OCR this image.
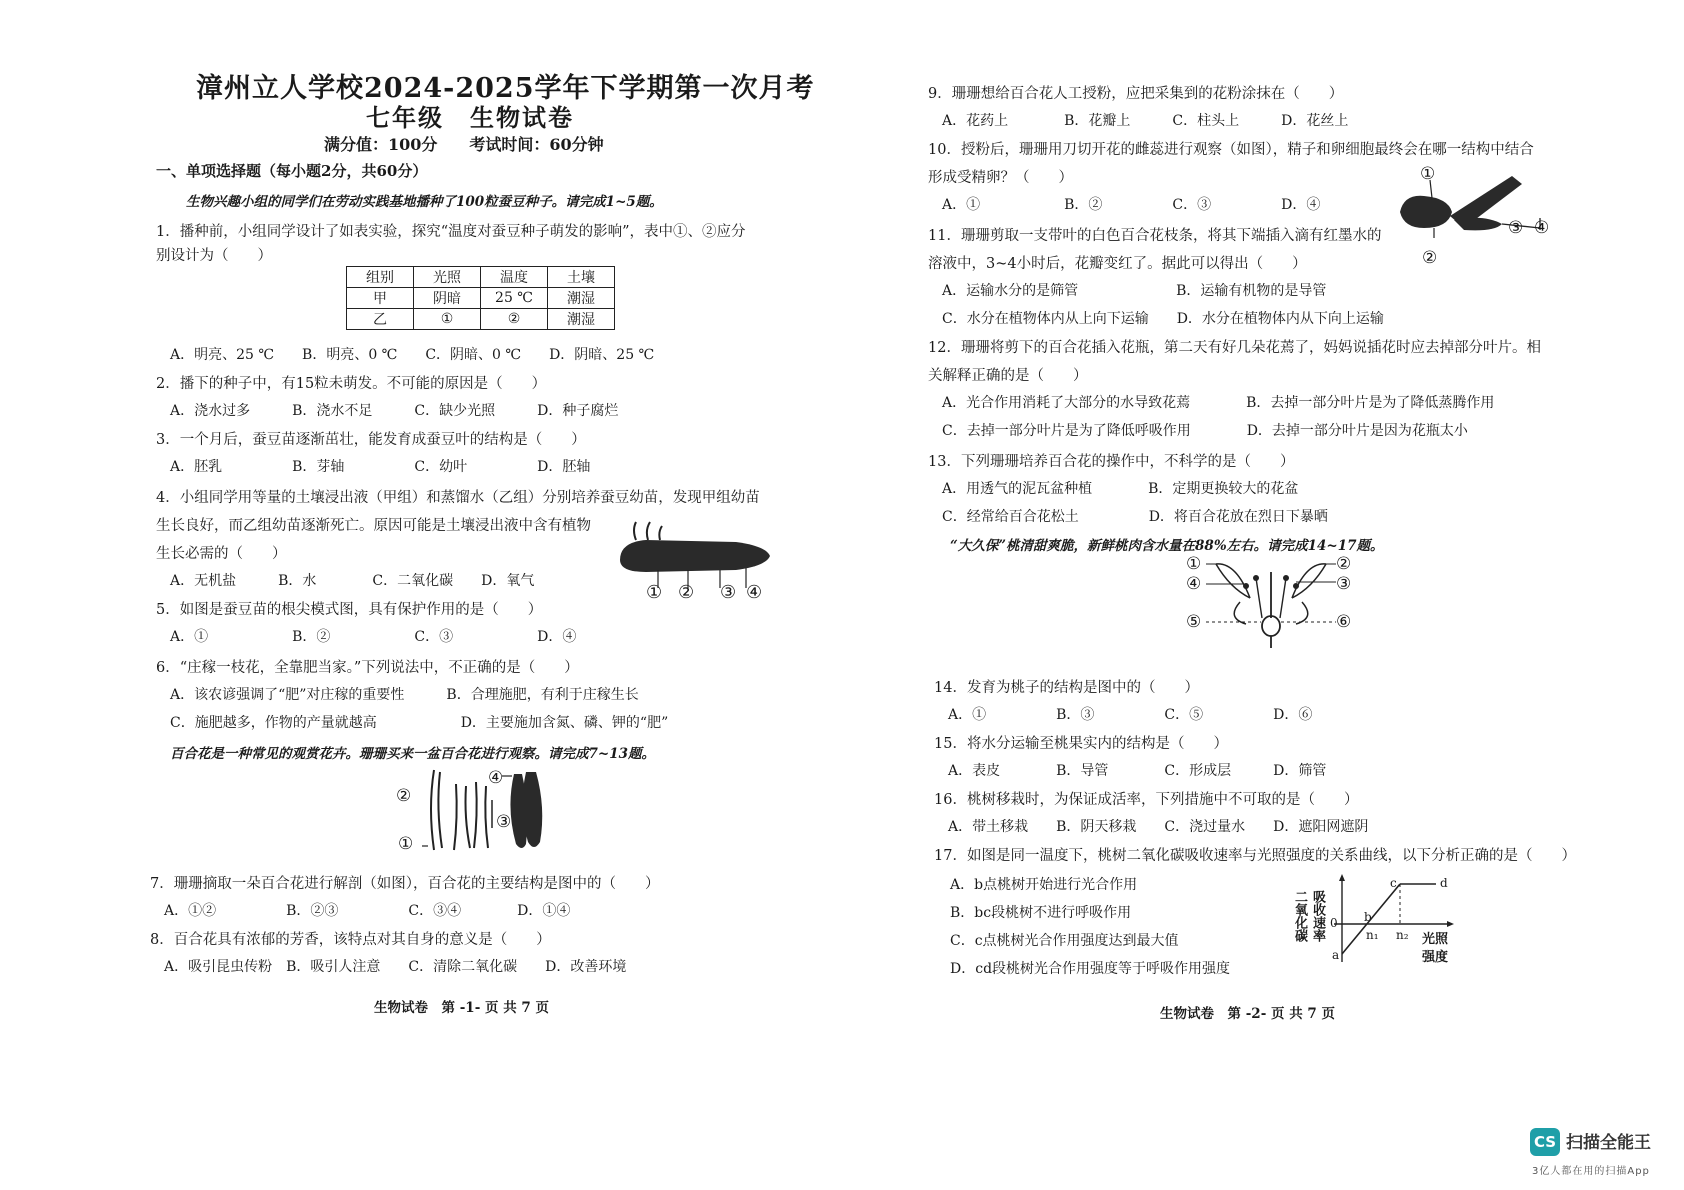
漳州立人学校2024-2025学年下学期第一次月考
七年级　生物试卷
满分值：100分　　考试时间：60分钟
一、单项选择题（每小题2分，共60分）
生物兴趣小组的同学们在劳动实践基地播种了100粒蚕豆种子。请完成1~5题。
1．播种前，小组同学设计了如表实验，探究“温度对蚕豆种子萌发的影响”，表中①、②应分
别设计为（　　）
组别	光照	温度	土壤
甲	阴暗	25 ℃	潮湿
乙	①	②	潮湿
A．明亮、25 ℃　　B．明亮、0 ℃　　C．阴暗、0 ℃　　D．阴暗、25 ℃
2．播下的种子中，有15粒未萌发。不可能的原因是（　　）
A．浇水过多　　　B．浇水不足　　　C．缺少光照　　　D．种子腐烂
3．一个月后，蚕豆苗逐渐茁壮，能发育成蚕豆叶的结构是（　　）
A．胚乳　　　　　B．芽轴　　　　　C．幼叶　　　　　D．胚轴
4．小组同学用等量的土壤浸出液（甲组）和蒸馏水（乙组）分别培养蚕豆幼苗，发现甲组幼苗
生长良好，而乙组幼苗逐渐死亡。原因可能是土壤浸出液中含有植物
生长必需的（　　）
A．无机盐　　　B．水　　　　C．二氧化碳　　D．氧气
① ② ③ ④
5．如图是蚕豆苗的根尖模式图，具有保护作用的是（　　）
A．①　　　　　　B．②　　　　　　C．③　　　　　　D．④
6．“庄稼一枝花，全靠肥当家。”下列说法中，不正确的是（　　）
A．该农谚强调了“肥”对庄稼的重要性　　　B．合理施肥，有利于庄稼生长
C．施肥越多，作物的产量就越高　　　　　　D．主要施加含氮、磷、钾的“肥”
百合花是一种常见的观赏花卉。珊珊买来一盆百合花进行观察。请完成7~13题。
④
②
③
①
7．珊珊摘取一朵百合花进行解剖（如图），百合花的主要结构是图中的（　　）
A．①②　　　　　B．②③　　　　　C．③④　　　　D．①④
8．百合花具有浓郁的芳香，该特点对其自身的意义是（　　）
A．吸引昆虫传粉　B．吸引人注意　　C．清除二氧化碳　　D．改善环境
生物试卷　第 -1- 页 共 7 页
9．珊珊想给百合花人工授粉，应把采集到的花粉涂抹在（　　）
A．花药上　　　　B．花瓣上　　　C．柱头上　　　D．花丝上
10．授粉后，珊珊用刀切开花的雌蕊进行观察（如图），精子和卵细胞最终会在哪一结构中结合
形成受精卵？（　　）
A．①　　　　　　B．②　　　　　C．③　　　　　D．④
①
②
③ ④
11．珊珊剪取一支带叶的白色百合花枝条，将其下端插入滴有红墨水的
溶液中，3~4小时后，花瓣变红了。据此可以得出（　　）
A．运输水分的是筛管　　　　　　　B．运输有机物的是导管
C．水分在植物体内从上向下运输　　D．水分在植物体内从下向上运输
12．珊珊将剪下的百合花插入花瓶，第二天有好几朵花蔫了，妈妈说插花时应去掉部分叶片。相
关解释正确的是（　　）
A．光合作用消耗了大部分的水导致花蔫　　　　B．去掉一部分叶片是为了降低蒸腾作用
C．去掉一部分叶片是为了降低呼吸作用　　　　D．去掉一部分叶片是因为花瓶太小
13．下列珊珊培养百合花的操作中，不科学的是（　　）
A．用透气的泥瓦盆种植　　　　B．定期更换较大的花盆
C．经常给百合花松土　　　　　D．将百合花放在烈日下暴晒
“大久保”桃清甜爽脆，新鲜桃肉含水量在88%左右。请完成14~17题。
①	②
③
④
⑤	⑥
14．发育为桃子的结构是图中的（　　）
A．①　　　　　B．③　　　　　C．⑤　　　　　D．⑥
15．将水分运输至桃果实内的结构是（　　）
A．表皮　　　　B．导管　　　　C．形成层　　　D．筛管
16．桃树移栽时，为保证成活率，下列措施中不可取的是（　　）
A．带土移栽　　B．阴天移栽　　C．浇过量水　　D．遮阳网遮阴
17．如图是同一温度下，桃树二氧化碳吸收速率与光照强度的关系曲线，以下分析正确的是（　　）
A．b点桃树开始进行光合作用
B．bc段桃树不进行呼吸作用
C．c点桃树光合作用强度达到最大值
D．cd段桃树光合作用强度等于呼吸作用强度
二氧化碳 吸收速率 0
a
b
c	d
n₁ n₂ 光照
强度
生物试卷　第 -2- 页 共 7 页
CS 扫描全能王
3亿人都在用的扫描App
